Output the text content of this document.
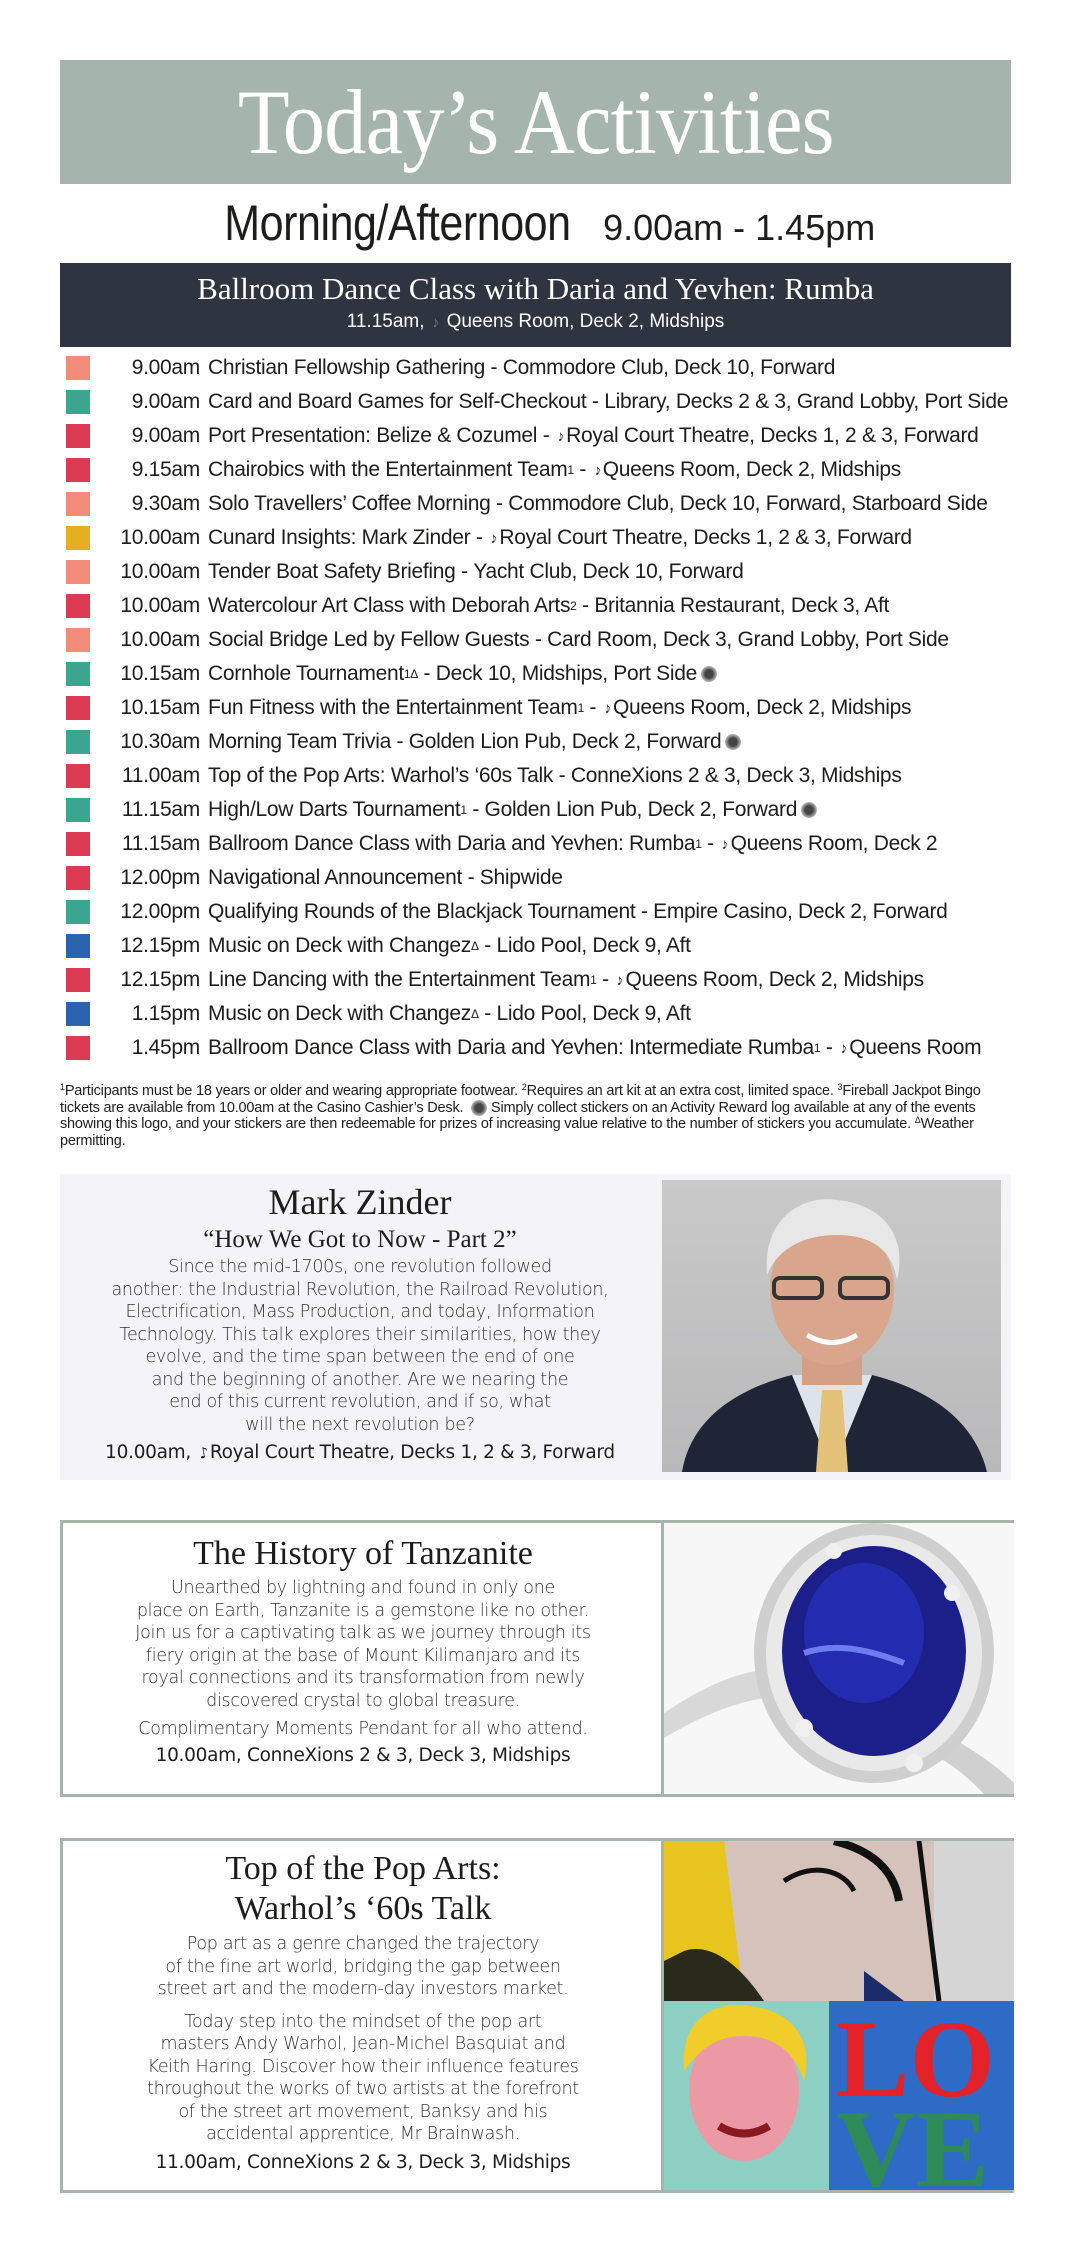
Today’s Activities
Morning/Afternoon 9.00am - 1.45pm
Ballroom Dance Class with Daria and Yevhen: Rumba
11.15am, ♪ Queens Room, Deck 2, Midships
9.00am Christian Fellowship Gathering - Commodore Club, Deck 10, Forward
9.00am Card and Board Games for Self-Checkout - Library, Decks 2 & 3, Grand Lobby, Port Side
9.00am Port Presentation: Belize & Cozumel - ♪ Royal Court Theatre, Decks 1, 2 & 3, Forward
9.15am Chairobics with the Entertainment Team 1 - ♪ Queens Room, Deck 2, Midships
9.30am Solo Travellers’ Coffee Morning - Commodore Club, Deck 10, Forward, Starboard Side
10.00am Cunard Insights: Mark Zinder - ♪ Royal Court Theatre, Decks 1, 2 & 3, Forward
10.00am Tender Boat Safety Briefing - Yacht Club, Deck 10, Forward
10.00am Watercolour Art Class with Deborah Arts 2 - Britannia Restaurant, Deck 3, Aft
10.00am Social Bridge Led by Fellow Guests - Card Room, Deck 3, Grand Lobby, Port Side
10.15am Cornhole Tournament 1Δ - Deck 10, Midships, Port Side
10.15am Fun Fitness with the Entertainment Team 1 - ♪ Queens Room, Deck 2, Midships
10.30am Morning Team Trivia - Golden Lion Pub, Deck 2, Forward
11.00am Top of the Pop Arts: Warhol’s ‘60s Talk - ConneXions 2 & 3, Deck 3, Midships
11.15am High/Low Darts Tournament 1 - Golden Lion Pub, Deck 2, Forward
11.15am Ballroom Dance Class with Daria and Yevhen: Rumba 1 - ♪ Queens Room, Deck 2
12.00pm Navigational Announcement - Shipwide
12.00pm Qualifying Rounds of the Blackjack Tournament - Empire Casino, Deck 2, Forward
12.15pm Music on Deck with Changez Δ - Lido Pool, Deck 9, Aft
12.15pm Line Dancing with the Entertainment Team 1 - ♪ Queens Room, Deck 2, Midships
1.15pm Music on Deck with Changez Δ - Lido Pool, Deck 9, Aft
1.45pm Ballroom Dance Class with Daria and Yevhen: Intermediate Rumba 1 - ♪ Queens Room
$^1$Participants must be 18 years or older and wearing appropriate footwear. $^2$Requires an art kit at an extra cost, limited space. $^3$Fireball Jackpot Bingo tickets are available from 10.00am at the Casino Cashier’s Desk. Simply collect stickers on an Activity Reward log available at any of the events showing this logo, and your stickers are then redeemable for prizes of increasing value relative to the number of stickers you accumulate. $^\Delta$Weather permitting.
Mark Zinder
“How We Got to Now - Part 2”
Since the mid-1700s, one revolution followed
another: the Industrial Revolution, the Railroad Revolution,
Electrification, Mass Production, and today, Information
Technology. This talk explores their similarities, how they
evolve, and the time span between the end of one
and the beginning of another. Are we nearing the
end of this current revolution, and if so, what
will the next revolution be?
10.00am, ♪Royal Court Theatre, Decks 1, 2 & 3, Forward
The History of Tanzanite
Unearthed by lightning and found in only one
place on Earth, Tanzanite is a gemstone like no other.
Join us for a captivating talk as we journey through its
fiery origin at the base of Mount Kilimanjaro and its
royal connections and its transformation from newly
discovered crystal to global treasure.
Complimentary Moments Pendant for all who attend.
10.00am, ConneXions 2 & 3, Deck 3, Midships
Top of the Pop Arts:
Warhol’s ‘60s Talk
Pop art as a genre changed the trajectory
of the fine art world, bridging the gap between
street art and the modern-day investors market.
Today step into the mindset of the pop art
masters Andy Warhol, Jean-Michel Basquiat and
Keith Haring. Discover how their influence features
throughout the works of two artists at the forefront
of the street art movement, Banksy and his
accidental apprentice, Mr Brainwash.
11.00am, ConneXions 2 & 3, Deck 3, Midships
LO
VE
